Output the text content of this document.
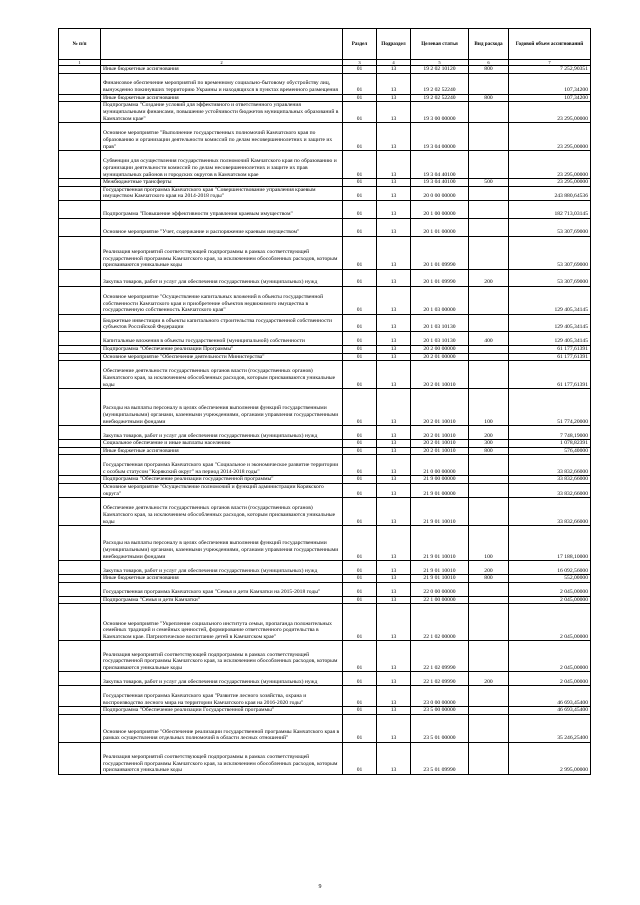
№ п/п		Раздел	Подраздел	Целевая статья	Вид расхода	Годовой объем ассигнований
1	2	3	4	5	6	7
	Иные бюджетные ассигнования	01	13	19 2 02 10120	800	7 252,90351
	Финансовое обеспечение мероприятий по временному социально-бытовому обустройству лиц, вынужденно покинувших территорию Украины и находящихся в пунктах временного размещения	01	13	19 2 02 52240		107,34200
	Иные бюджетные ассигнования	01	13	19 2 02 52240	800	107,34200
	Подпрограмма "Создание условий для эффективного и ответственного управления муниципальными финансами, повышение устойчивости бюджетов муниципальных образований в Камчатском крае"	01	13	19 3 00 00000		23 295,00000
	Основное мероприятие "Выполнение государственных полномочий Камчатского края по образованию и организации деятельности комиссий по делам несовершеннолетних и защите их прав"	01	13	19 3 04 00000		23 295,00000
	Субвенции для осуществления государственных полномочий Камчатского края по образованию и организации деятельности комиссий по делам несовершеннолетних и защите их прав муниципальных районов и городских округов в Камчатском крае	01	13	19 3 04 40100		23 295,00000
	Межбюджетные трансферты	01	13	19 3 04 40100	500	23 295,00000
	Государственная программа Камчатского края "Совершенствование управления краевым имуществом Камчатского края на 2014-2018 годы"	01	13	20 0 00 00000		243 880,64536
	Подпрограмма "Повышение эффективности управления краевым имуществом"	01	13	20 1 00 00000		182 713,03145
	Основное мероприятие "Учет, содержание и распоряжение краевым имуществом"	01	13	20 1 01 00000		53 307,69000
	Реализация мероприятий соответствующей подпрограммы в рамках соответствующей государственной программы Камчатского края, за исключением обособленных расходов, которым присваиваются уникальные коды	01	13	20 1 01 09990		53 307,69000
	Закупка товаров, работ и услуг для обеспечения государственных (муниципальных) нужд	01	13	20 1 01 09990	200	53 307,69000
	Основное мероприятие "Осуществление капитальных вложений в объекты государственной собственности Камчатского края и приобретение объектов недвижимого имущества в государственную собственность Камчатского края"	01	13	20 1 03 00000		129 405,34145
	Бюджетные инвестиции в объекты капитального строительства государственной собственности субъектов Российской Федерации	01	13	20 1 03 10130		129 405,34145
	Капитальные вложения в объекты государственной (муниципальной) собственности	01	13	20 1 03 10130	400	129 405,34145
	Подпрограмма "Обеспечение реализации Программы"	01	13	20 2 00 00000		61 177,61391
	Основное мероприятие "Обеспечение деятельности Министерства"	01	13	20 2 01 00000		61 177,61391
	Обеспечение деятельности государственных органов власти (государственных органов) Камчатского края, за исключением обособленных расходов, которым присваиваются уникальные коды	01	13	20 2 01 10010		61 177,61391
	Расходы на выплаты персоналу в целях обеспечения выполнения функций государственными (муниципальными) органами, казенными учреждениями, органами управления государственными внебюджетными фондами	01	13	20 2 01 10010	100	51 774,20000
	Закупка товаров, работ и услуг для обеспечения государственных (муниципальных) нужд	01	13	20 2 01 10010	200	7 748,19000
	Социальное обеспечение и иные выплаты населению	01	13	20 2 01 10010	300	1 078,82391
	Иные бюджетные ассигнования	01	13	20 2 01 10010	800	576,40000
	Государственная программа Камчатского края "Социальное и экономическое развитие территории с особым статусом "Корякский округ" на период 2014-2018 годы"	01	13	21 0 00 00000		33 832,66000
	Подпрограмма "Обеспечение реализации государственной программы"	01	13	21 9 00 00000		33 832,66000
	Основное мероприятие "Осуществление полномочий и функций администрации Корякского округа"	01	13	21 9 01 00000		33 832,66000
	Обеспечение деятельности государственных органов власти (государственных органов) Камчатского края, за исключением обособленных расходов, которым присваиваются уникальные коды	01	13	21 9 01 10010		33 832,66000
	Расходы на выплаты персоналу в целях обеспечения выполнения функций государственными (муниципальными) органами, казенными учреждениями, органами управления государственными внебюджетными фондами	01	13	21 9 01 10010	100	17 188,10000
	Закупка товаров, работ и услуг для обеспечения государственных (муниципальных) нужд	01	13	21 9 01 10010	200	16 092,56000
	Иные бюджетные ассигнования	01	13	21 9 01 10010	800	552,00000
	Государственная программа Камчатского края "Семья и дети Камчатки на 2015-2018 годы"	01	13	22 0 00 00000		2 045,00000
	Подпрограмма "Семья и дети Камчатки"	01	13	22 1 00 00000		2 045,00000
	Основное мероприятие "Укрепление социального института семьи, пропаганда положительных семейных традиций и семейных ценностей, формирование ответственного родительства в Камчатском крае. Патриотическое воспитание детей в Камчатском крае"	01	13	22 1 02 00000		2 045,00000
	Реализация мероприятий соответствующей подпрограммы в рамках соответствующей государственной программы Камчатского края, за исключением обособленных расходов, которым присваиваются уникальные коды	01	13	22 1 02 09990		2 045,00000
	Закупка товаров, работ и услуг для обеспечения государственных (муниципальных) нужд	01	13	22 1 02 09990	200	2 045,00000
	Государственная программа Камчатского края "Развитие лесного хозяйства, охрана и воспроизводство лесного мира на территории Камчатского края на 2016-2020 годы"	01	13	23 0 00 00000		46 693,45400
	Подпрограмма "Обеспечение реализации Государственной программы"	01	13	23 5 00 00000		46 693,45400
	Основное мероприятие "Обеспечение реализации государственной программы Камчатского края в рамках осуществления отдельных полномочий в области лесных отношений"	01	13	23 5 01 00000		35 246,25400
	Реализация мероприятий соответствующей подпрограммы в рамках соответствующей государственной программы Камчатского края, за исключением обособленных расходов, которым присваиваются уникальные коды	01	13	23 5 01 09990		2 995,00000
9
